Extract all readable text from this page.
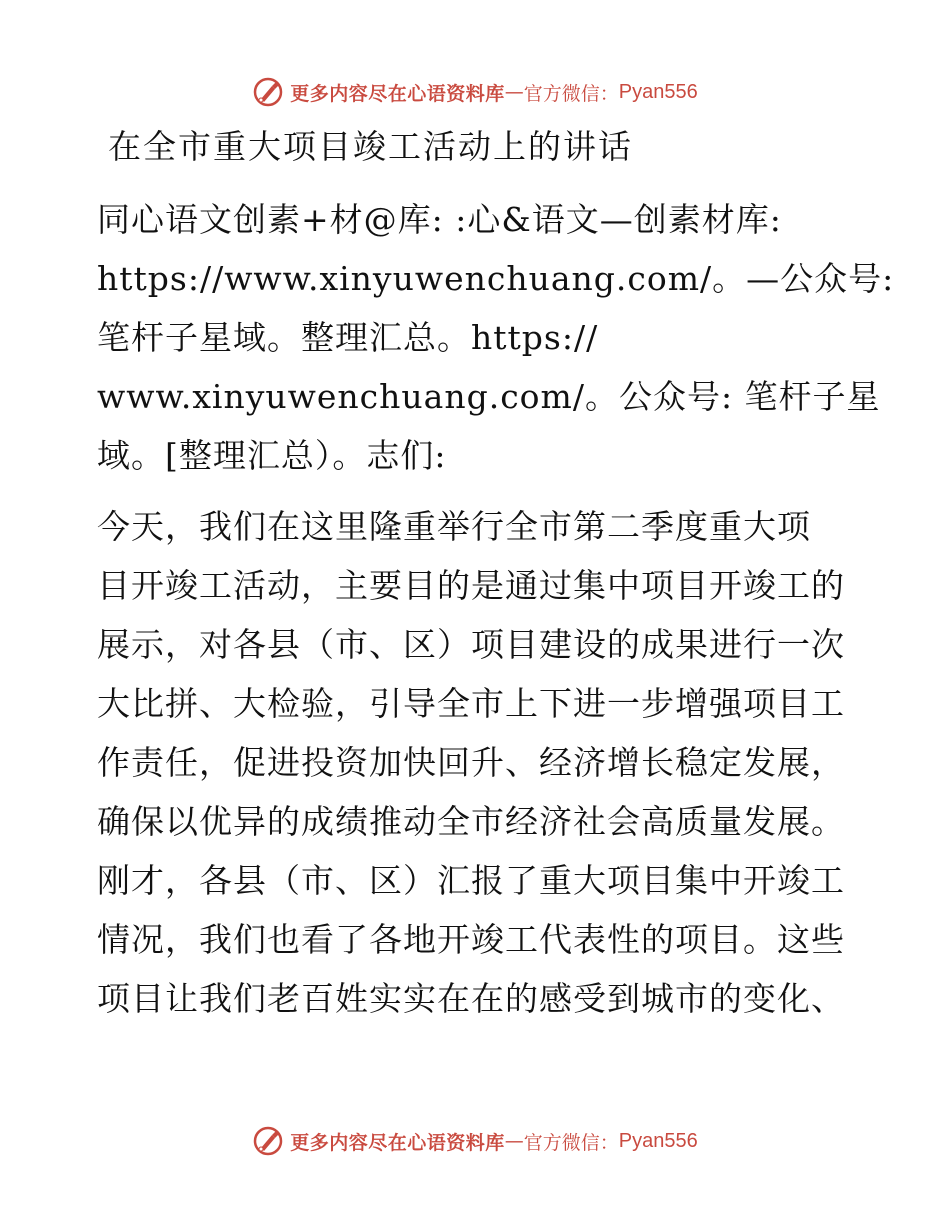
更多内容尽在心语资料库 — 官方微信： Pyan556
在全市重大项目竣工活动上的讲话
同心语文创素+材@库: :心&语文—创素材库:
https://www.xinyuwenchuang.com/。—公众号:
笔杆子星域。整理汇总。https://
www.xinyuwenchuang.com/。公众号: 笔杆子星
域。[整理汇总）。志们:
今天，我们在这里隆重举行全市第二季度重大项
目开竣工活动，主要目的是通过集中项目开竣工的
展示，对各县（市、区）项目建设的成果进行一次
大比拼、大检验，引导全市上下进一步增强项目工
作责任，促进投资加快回升、经济增长稳定发展，
确保以优异的成绩推动全市经济社会高质量发展。
刚才，各县（市、区）汇报了重大项目集中开竣工
情况，我们也看了各地开竣工代表性的项目。这些
项目让我们老百姓实实在在的感受到城市的变化、
更多内容尽在心语资料库 — 官方微信： Pyan556
